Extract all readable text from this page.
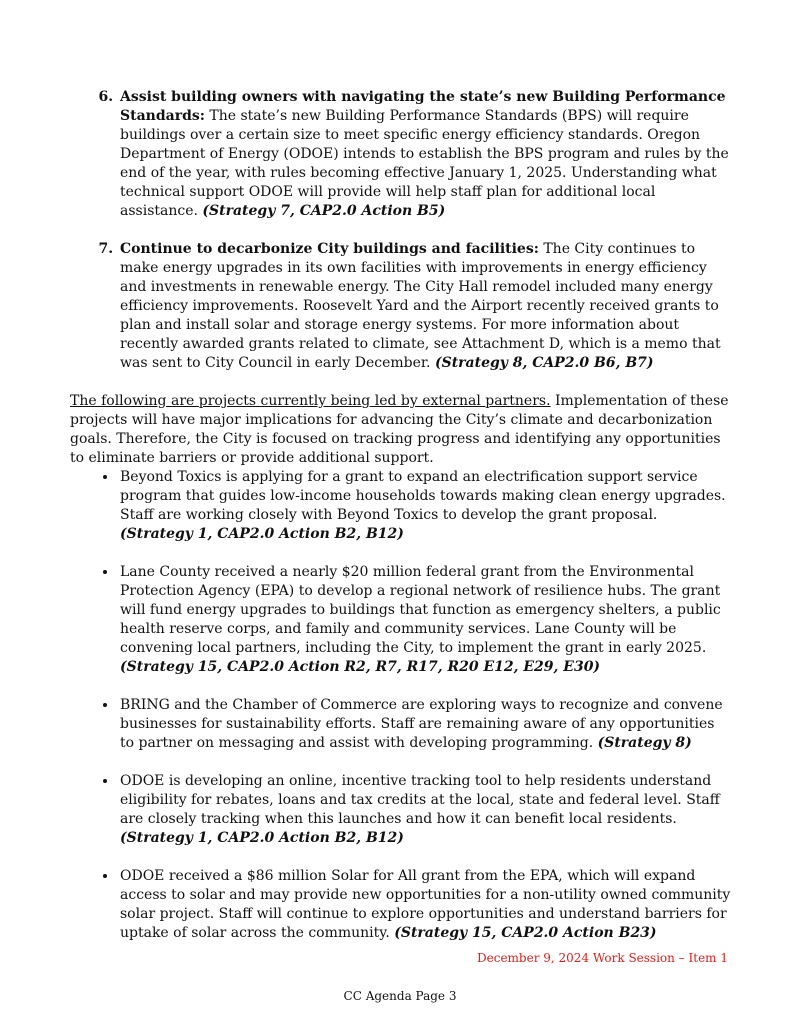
6. Assist building owners with navigating the state’s new Building Performance Standards: The state’s new Building Performance Standards (BPS) will require buildings over a certain size to meet specific energy efficiency standards. Oregon Department of Energy (ODOE) intends to establish the BPS program and rules by the end of the year, with rules becoming effective January 1, 2025. Understanding what technical support ODOE will provide will help staff plan for additional local assistance. (Strategy 7, CAP2.0 Action B5)
7. Continue to decarbonize City buildings and facilities: The City continues to make energy upgrades in its own facilities with improvements in energy efficiency and investments in renewable energy. The City Hall remodel included many energy efficiency improvements. Roosevelt Yard and the Airport recently received grants to plan and install solar and storage energy systems. For more information about recently awarded grants related to climate, see Attachment D, which is a memo that was sent to City Council in early December. (Strategy 8, CAP2.0 B6, B7)

The following are projects currently being led by external partners. Implementation of these projects will have major implications for advancing the City’s climate and decarbonization goals. Therefore, the City is focused on tracking progress and identifying any opportunities to eliminate barriers or provide additional support.

• Beyond Toxics is applying for a grant to expand an electrification support service program that guides low-income households towards making clean energy upgrades. Staff are working closely with Beyond Toxics to develop the grant proposal. (Strategy 1, CAP2.0 Action B2, B12)
• Lane County received a nearly $20 million federal grant from the Environmental Protection Agency (EPA) to develop a regional network of resilience hubs. The grant will fund energy upgrades to buildings that function as emergency shelters, a public health reserve corps, and family and community services. Lane County will be convening local partners, including the City, to implement the grant in early 2025. (Strategy 15, CAP2.0 Action R2, R7, R17, R20 E12, E29, E30)
• BRING and the Chamber of Commerce are exploring ways to recognize and convene businesses for sustainability efforts. Staff are remaining aware of any opportunities to partner on messaging and assist with developing programming. (Strategy 8)
• ODOE is developing an online, incentive tracking tool to help residents understand eligibility for rebates, loans and tax credits at the local, state and federal level. Staff are closely tracking when this launches and how it can benefit local residents. (Strategy 1, CAP2.0 Action B2, B12)
• ODOE received a $86 million Solar for All grant from the EPA, which will expand access to solar and may provide new opportunities for a non-utility owned community solar project. Staff will continue to explore opportunities and understand barriers for uptake of solar across the community. (Strategy 15, CAP2.0 Action B23)
December 9, 2024 Work Session – Item 1
CC Agenda Page 3
